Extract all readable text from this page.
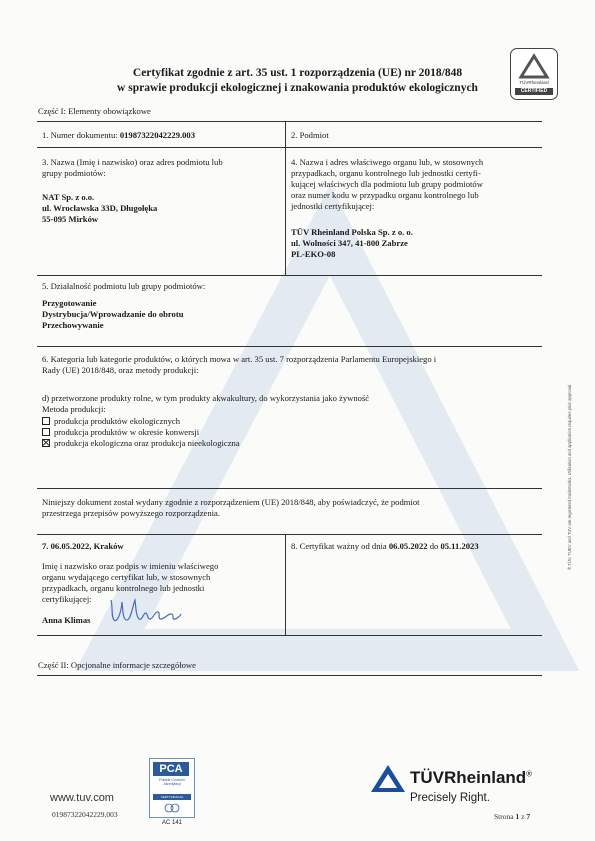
Certyfikat zgodnie z art. 35 ust. 1 rozporządzenia (UE) nr 2018/848
w sprawie produkcji ekologicznej i znakowania produktów ekologicznych	TÜVRheinland
CERTIFIED
Część I: Elementy obowiązkowe
1. Numer dokumentu: 01987322042229.003	2. Podmiot
3. Nazwa (Imię i nazwisko) oraz adres podmiotu lub
grupy podmiotów:
NAT Sp. z o.o.
ul. Wrocławska 33D, Długołęka
55-095 Mirków
4. Nazwa i adres właściwego organu lub, w stosownych
przypadkach, organu kontrolnego lub jednostki certyfi-
kującej właściwych dla podmiotu lub grupy podmiotów
oraz numer kodu w przypadku organu kontrolnego lub
jednostki certyfikującej:
TÜV Rheinland Polska Sp. z o. o.
ul. Wolności 347, 41-800 Zabrze
PL-EKO-08
5. Działalność podmiotu lub grupy podmiotów:
Przygotowanie
Dystrybucja/Wprowadzanie do obrotu
Przechowywanie
6. Kategoria lub kategorie produktów, o których mowa w art. 35 ust. 7 rozporządzenia Parlamentu Europejskiego i
Rady (UE) 2018/848, oraz metody produkcji:
d) przetworzone produkty rolne, w tym produkty akwakultury, do wykorzystania jako żywność
Metoda produkcji:
produkcja produktów ekologicznych
produkcja produktów w okresie konwersji
produkcja ekologiczna oraz produkcja nieekologiczna
Niniejszy dokument został wydany zgodnie z rozporządzeniem (UE) 2018/848, aby poświadczyć, że podmiot
przestrzega przepisów powyższego rozporządzenia.
7. 06.05.2022, Kraków
Imię i nazwisko oraz podpis w imieniu właściwego
organu wydającego certyfikat lub, w stosownych
przypadkach, organu kontrolnego lub jednostki
certyfikującej:
Anna Klimas
8. Certyfikat ważny od dnia 06.05.2022 do 05.11.2023
Część II: Opcjonalne informacje szczegółowe
® TÜV, TUEV and TUV are registered trademarks. Utilisation and application requires prior approval.
www.tuv.com
01987322042229.003
PCA
Polskie Centrum Akredytacji
CERTYFIKACJA WYROBÓW
AC 141
TÜVRheinland®
Precisely Right.
Strona 1 z 7
